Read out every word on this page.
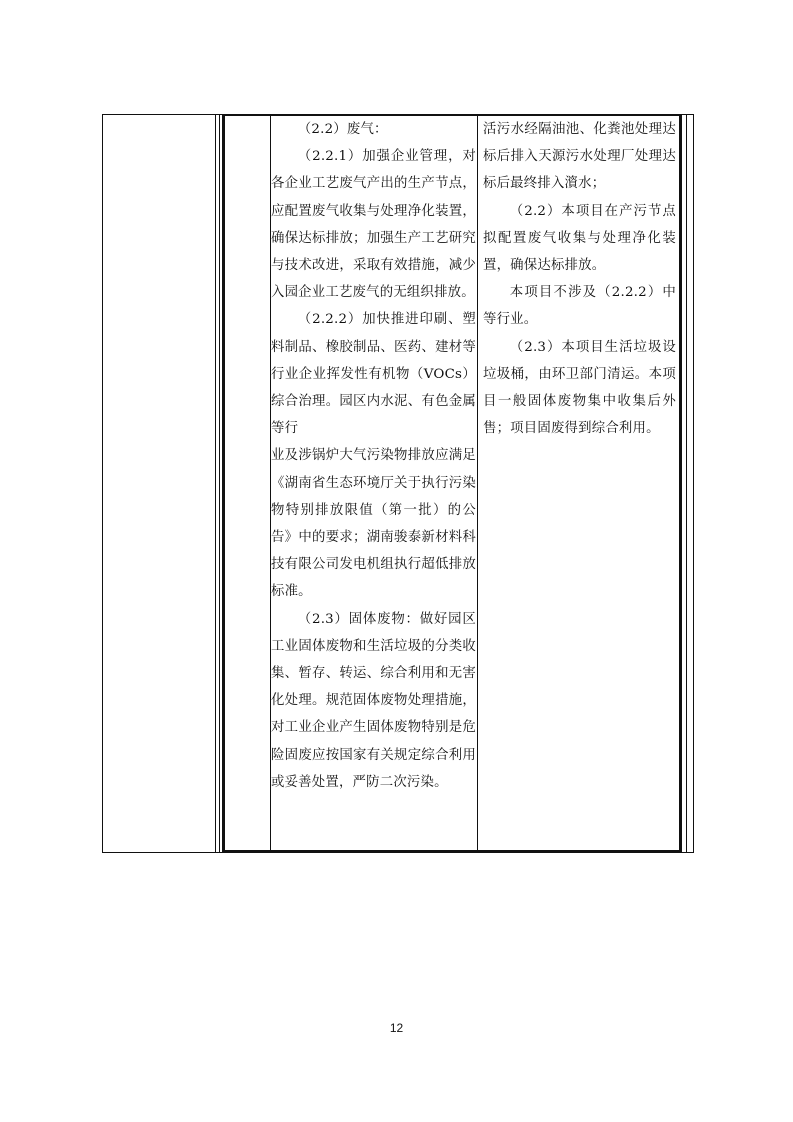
（2.2）废气：

（2.2.1）加强企业管理，对各企业工艺废气产出的生产节点，应配置废气收集与处理净化装置，确保达标排放；加强生产工艺研究与技术改进，采取有效措施，减少入园企业工艺废气的无组织排放。

（2.2.2）加快推进印刷、塑料制品、橡胶制品、医药、建材等行业企业挥发性有机物（VOCs）综合治理。园区内水泥、有色金属等行

业及涉锅炉大气污染物排放应满足《湖南省生态环境厅关于执行污染物特别排放限值（第一批）的公告》中的要求；湖南骏泰新材料科技有限公司发电机组执行超低排放标准。

（2.3）固体废物：做好园区工业固体废物和生活垃圾的分类收集、暂存、转运、综合利用和无害化处理。规范固体废物处理措施，对工业企业产生固体废物特别是危险固废应按国家有关规定综合利用或妥善处置，严防二次污染。

活污水经隔油池、化粪池处理达标后排入天源污水处理厂处理达标后最终排入澬水；

（2.2）本项目在产污节点拟配置废气收集与处理净化装置，确保达标排放。

本项目不涉及（2.2.2）中等行业。

（2.3）本项目生活垃圾设垃圾桶，由环卫部门清运。本项目一般固体废物集中收集后外售；项目固废得到综合利用。

12
